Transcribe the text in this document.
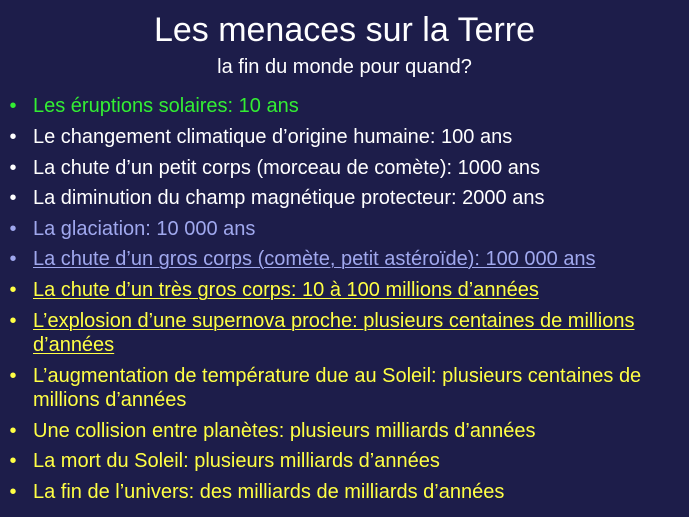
Les menaces sur la Terre
la fin du monde pour quand?
• Les éruptions solaires: 10 ans
• Le changement climatique d’origine humaine: 100 ans
• La chute d’un petit corps (morceau de comète): 1000 ans
• La diminution du champ magnétique protecteur: 2000 ans
• La glaciation: 10 000 ans
• La chute d’un gros corps (comète, petit astéroïde): 100 000 ans
• La chute d’un très gros corps: 10 à 100 millions d’années
• L’explosion d’une supernova proche: plusieurs centaines de millions d’années
• L’augmentation de température due au Soleil: plusieurs centaines de millions d’années
• Une collision entre planètes: plusieurs milliards d’années
• La mort du Soleil: plusieurs milliards d’années
• La fin de l’univers: des milliards de milliards d’années
